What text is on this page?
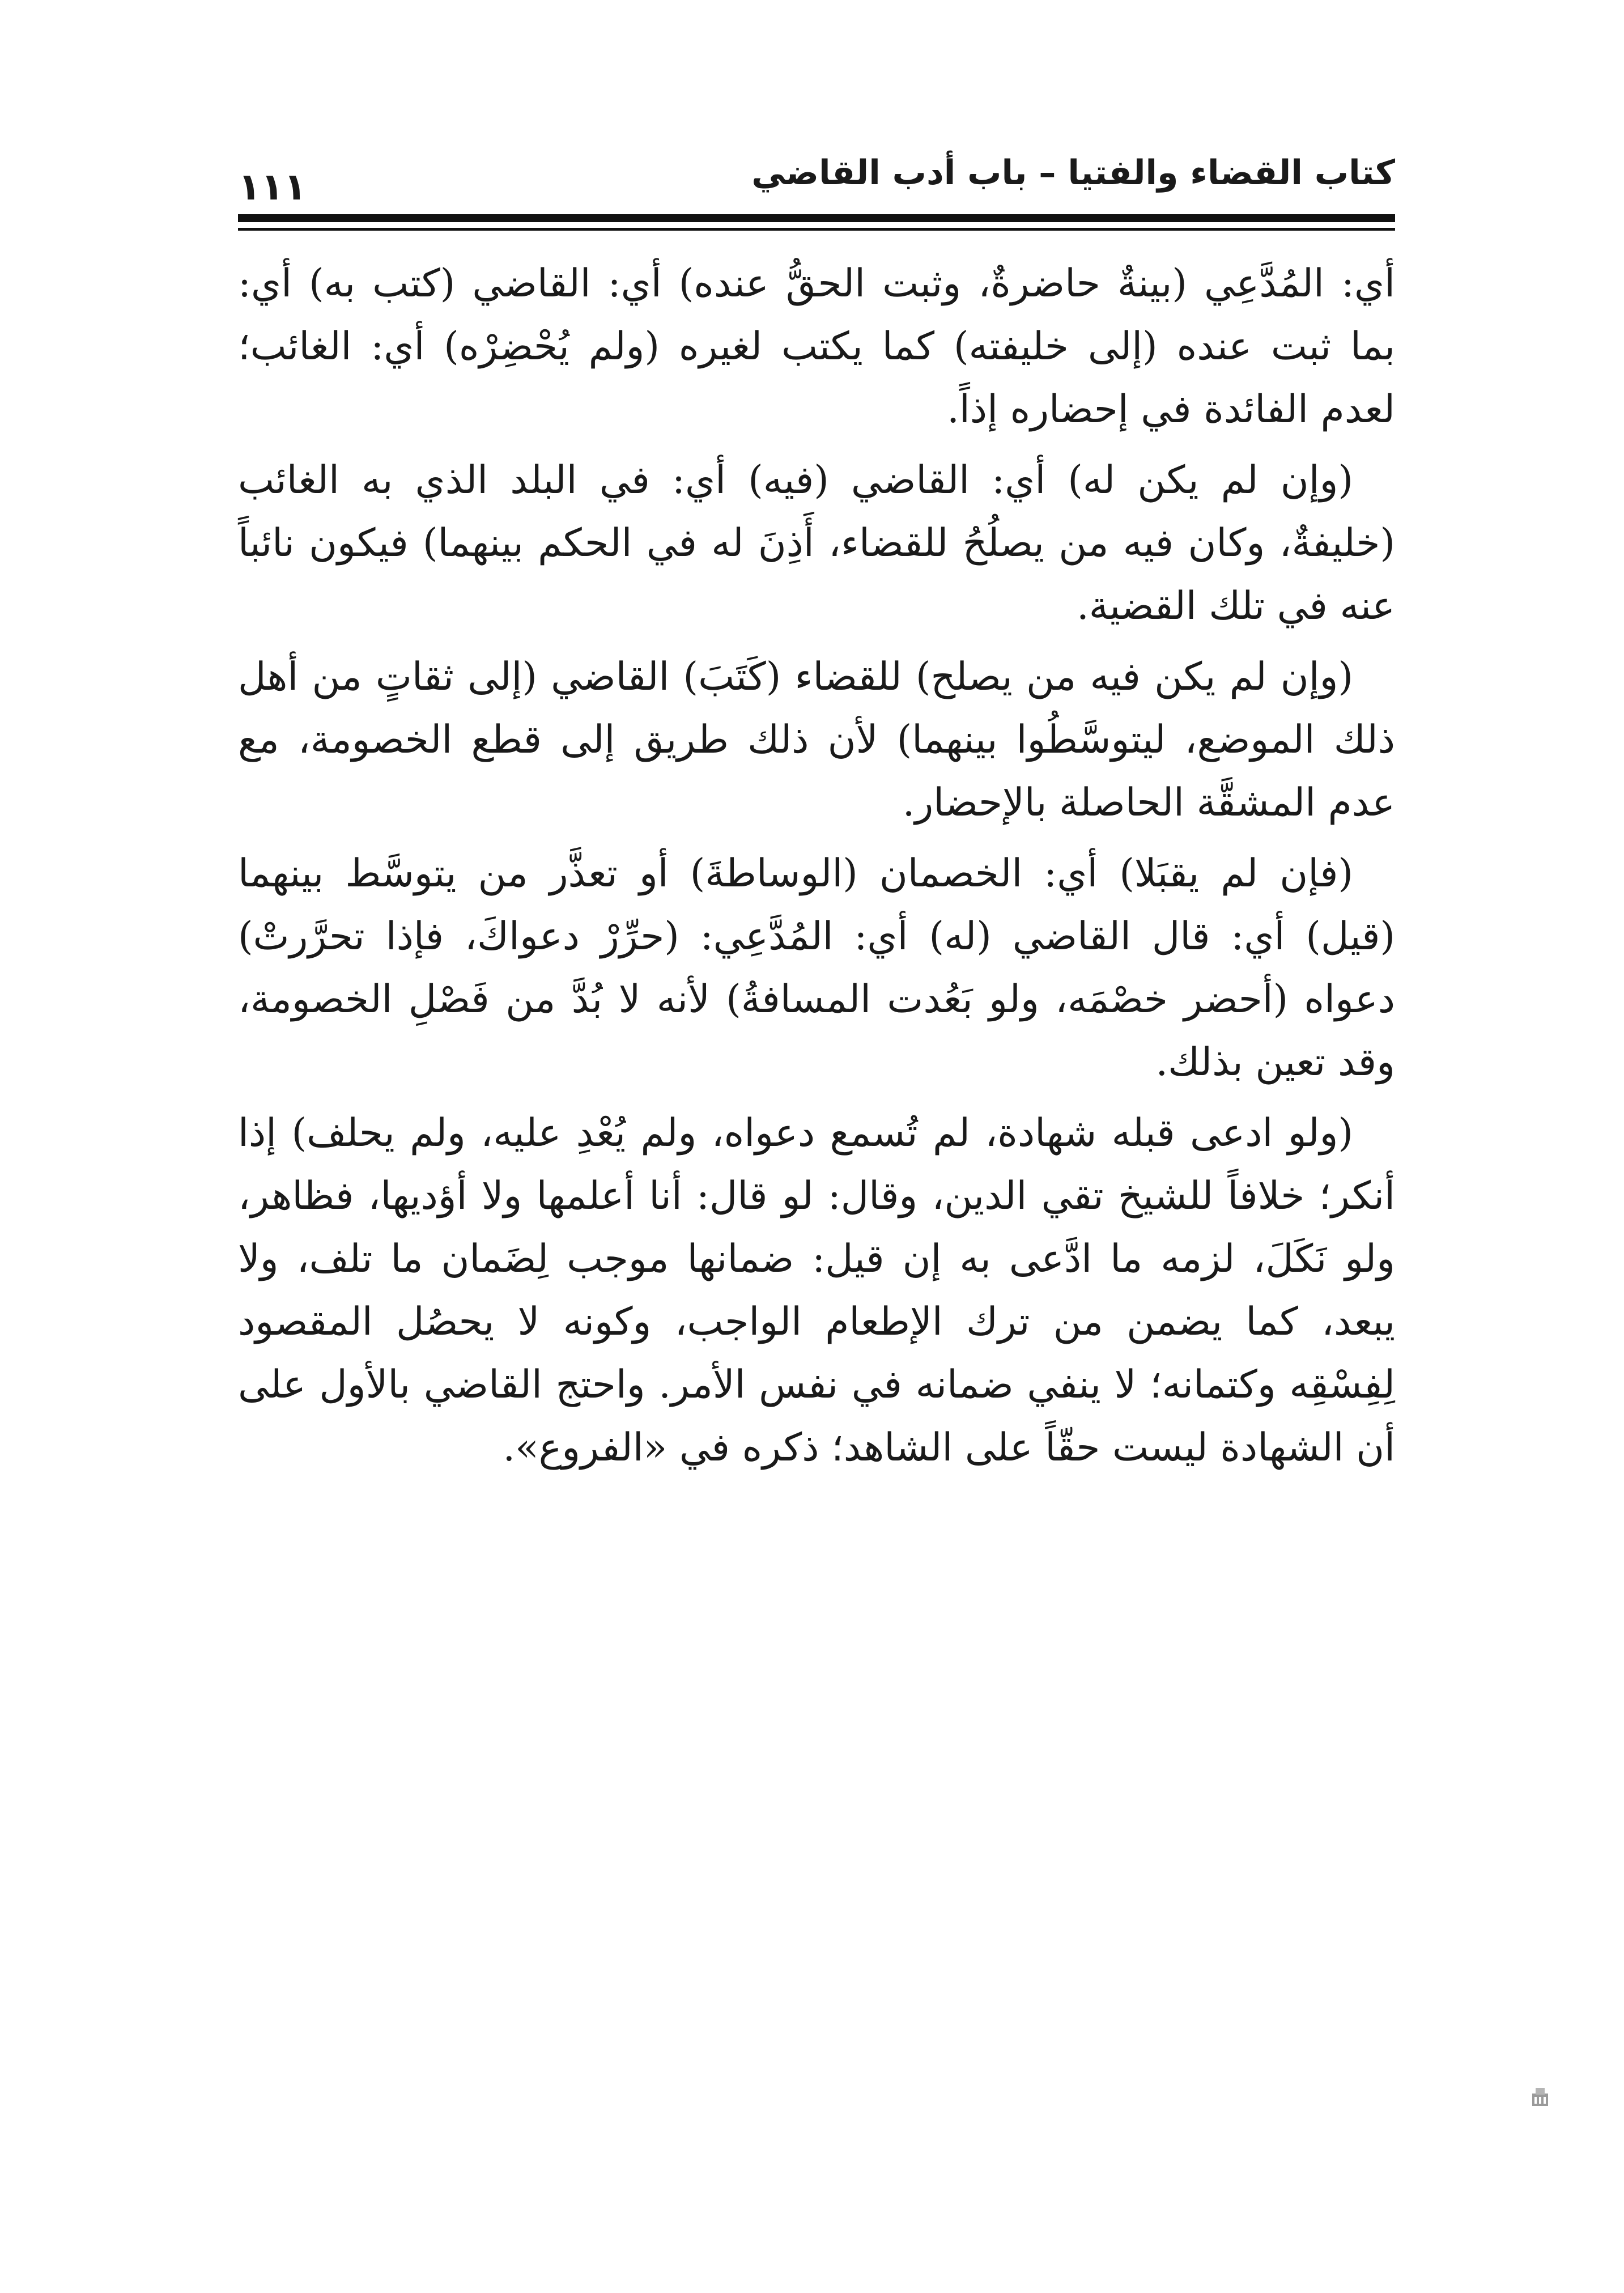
كتاب القضاء والفتيا – باب أدب القاضي
١١١

أي: المُدَّعِي (بينةٌ حاضرةٌ، وثبت الحقُّ عنده) أي: القاضي (كتب به) أي: بما ثبت عنده (إلى خليفته) كما يكتب لغيره (ولم يُحْضِرْه) أي: الغائب؛ لعدم الفائدة في إحضاره إذاً.

(وإن لم يكن له) أي: القاضي (فيه) أي: في البلد الذي به الغائب (خليفةٌ، وكان فيه من يصلُحُ للقضاء، أَذِنَ له في الحكم بينهما) فيكون نائباً عنه في تلك القضية.

(وإن لم يكن فيه من يصلح) للقضاء (كَتَبَ) القاضي (إلى ثقاتٍ من أهل ذلك الموضع، ليتوسَّطُوا بينهما) لأن ذلك طريق إلى قطع الخصومة، مع عدم المشقَّة الحاصلة بالإحضار.

(فإن لم يقبَلا) أي: الخصمان (الوساطةَ) أو تعذَّر من يتوسَّط بينهما (قيل) أي: قال القاضي (له) أي: المُدَّعِي: (حرِّرْ دعواكَ، فإذا تحرَّرتْ) دعواه (أحضر خصْمَه، ولو بَعُدت المسافةُ) لأنه لا بُدَّ من فَصْلِ الخصومة، وقد تعين بذلك.

(ولو ادعى قبله شهادة، لم تُسمع دعواه، ولم يُعْدِ عليه، ولم يحلف) إذا أنكر؛ خلافاً للشيخ تقي الدين، وقال: لو قال: أنا أعلمها ولا أؤديها، فظاهر، ولو نَكَلَ، لزمه ما ادَّعى به إن قيل: ضمانها موجب لِضَمان ما تلف، ولا يبعد، كما يضمن من ترك الإطعام الواجب، وكونه لا يحصُل المقصود لِفِسْقِه وكتمانه؛ لا ينفي ضمانه في نفس الأمر. واحتج القاضي بالأول على أن الشهادة ليست حقّاً على الشاهد؛ ذكره في «الفروع».
